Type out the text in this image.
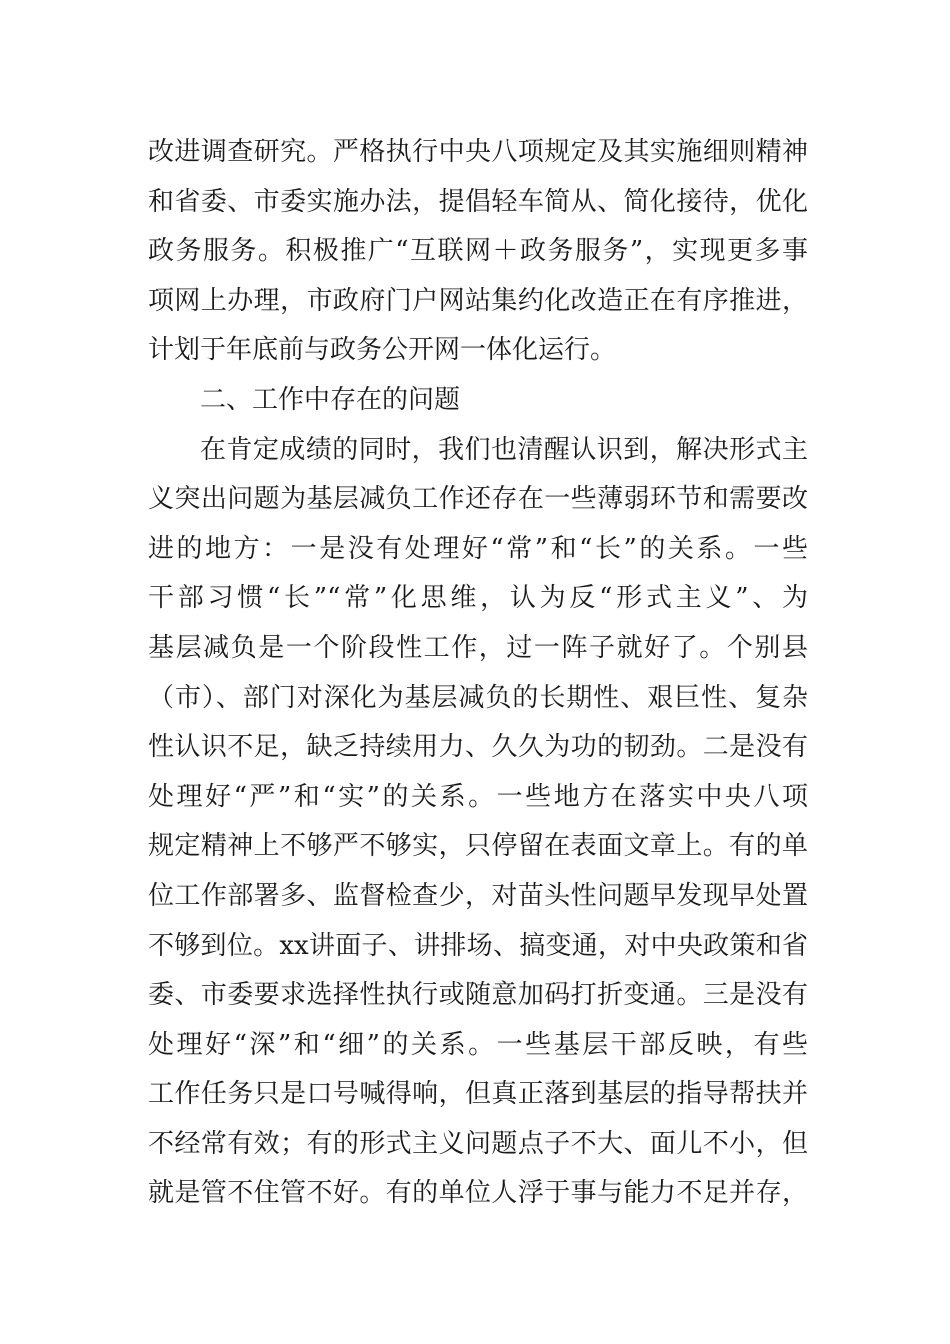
改进调查研究。严格执行中央八项规定及其实施细则精神
和省委、市委实施办法，提倡轻车简从、简化接待，优化
政务服务。积极推广“互联网＋政务服务”，实现更多事
项网上办理，市政府门户网站集约化改造正在有序推进，
计划于年底前与政务公开网一体化运行。
二、工作中存在的问题
在肯定成绩的同时，我们也清醒认识到，解决形式主
义突出问题为基层减负工作还存在一些薄弱环节和需要改
进的地方：一是没有处理好“常”和“长”的关系。一些
干部习惯“长”“常”化思维，认为反“形式主义”、为
基层减负是一个阶段性工作，过一阵子就好了。个别县
（市）、部门对深化为基层减负的长期性、艰巨性、复杂
性认识不足，缺乏持续用力、久久为功的韧劲。二是没有
处理好“严”和“实”的关系。一些地方在落实中央八项
规定精神上不够严不够实，只停留在表面文章上。有的单
位工作部署多、监督检查少，对苗头性问题早发现早处置
不够到位。xx讲面子、讲排场、搞变通，对中央政策和省
委、市委要求选择性执行或随意加码打折变通。三是没有
处理好“深”和“细”的关系。一些基层干部反映，有些
工作任务只是口号喊得响，但真正落到基层的指导帮扶并
不经常有效；有的形式主义问题点子不大、面儿不小，但
就是管不住管不好。有的单位人浮于事与能力不足并存，
